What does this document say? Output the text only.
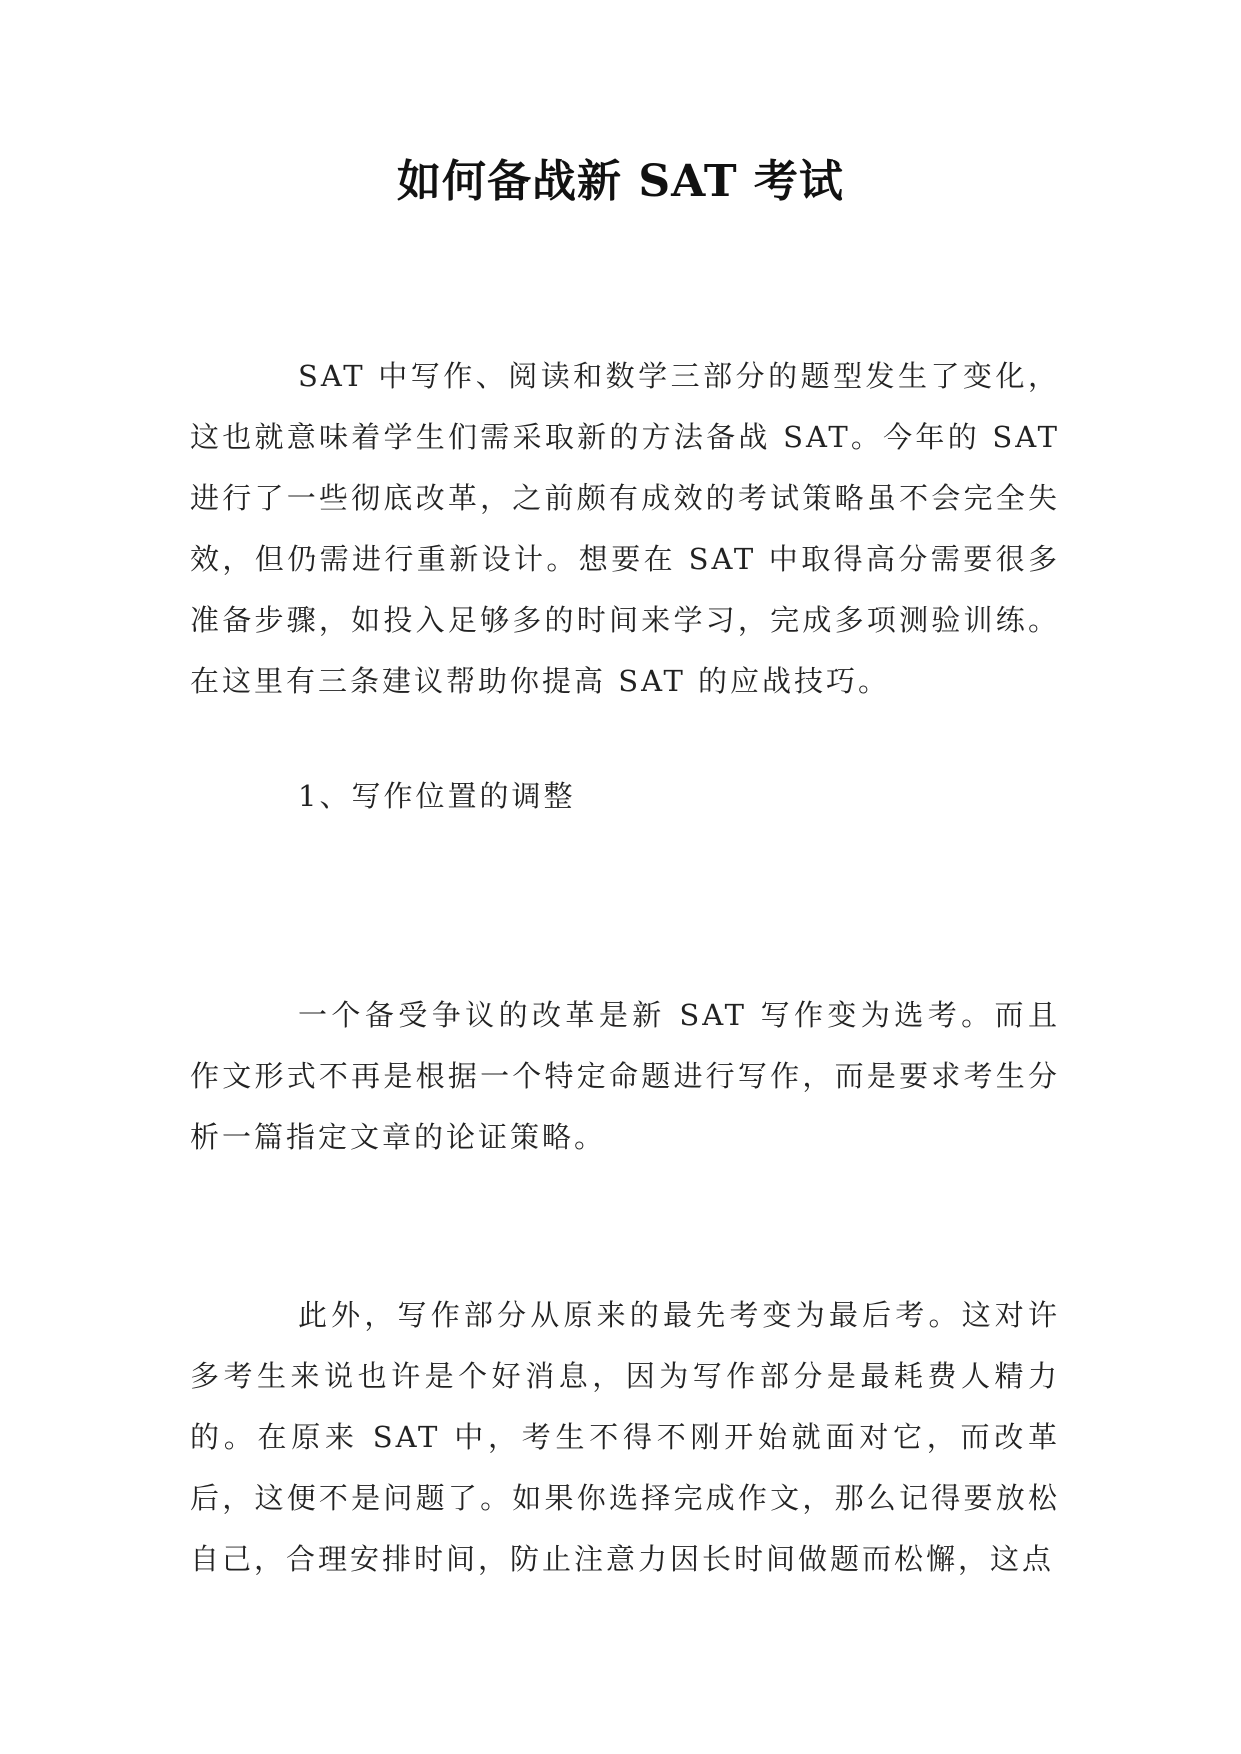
如何备战新 SAT 考试

SAT 中写作、阅读和数学三部分的题型发生了变化，这也就意味着学生们需采取新的方法备战 SAT。今年的 SAT 进行了一些彻底改革，之前颇有成效的考试策略虽不会完全失效，但仍需进行重新设计。想要在 SAT 中取得高分需要很多准备步骤，如投入足够多的时间来学习，完成多项测验训练。在这里有三条建议帮助你提高 SAT 的应战技巧。

1、写作位置的调整

一个备受争议的改革是新 SAT 写作变为选考。而且作文形式不再是根据一个特定命题进行写作，而是要求考生分析一篇指定文章的论证策略。

此外，写作部分从原来的最先考变为最后考。这对许多考生来说也许是个好消息，因为写作部分是最耗费人精力的。在原来 SAT 中，考生不得不刚开始就面对它，而改革后，这便不是问题了。如果你选择完成作文，那么记得要放松自己，合理安排时间，防止注意力因长时间做题而松懈，这点
